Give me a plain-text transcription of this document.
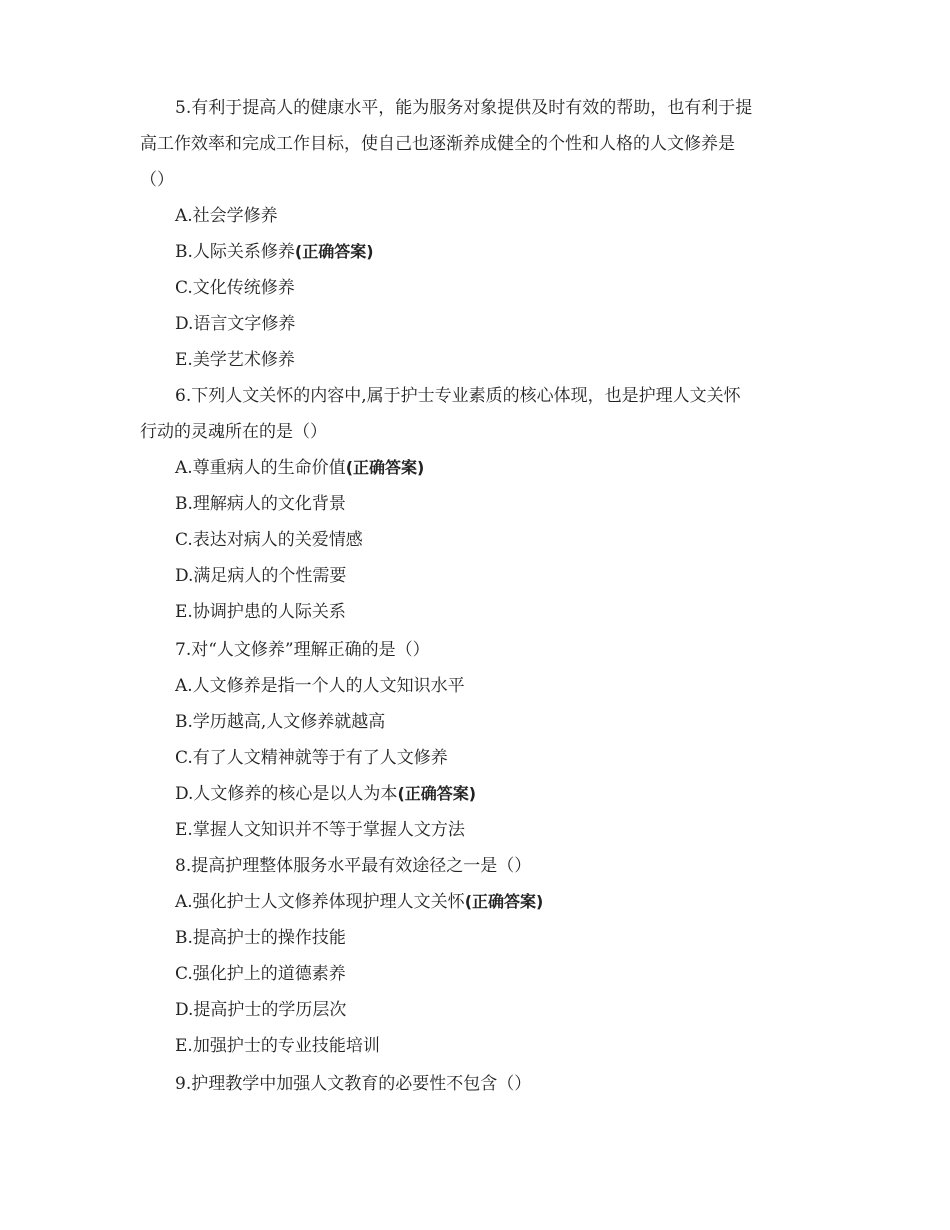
5.有利于提高人的健康水平，能为服务对象提供及时有效的帮助，也有利于提
高工作效率和完成工作目标，使自己也逐渐养成健全的个性和人格的人文修养是
（）
A.社会学修养
B.人际关系修养(正确答案)
C.文化传统修养
D.语言文字修养
E.美学艺术修养
6.下列人文关怀的内容中,属于护士专业素质的核心体现，也是护理人文关怀
行动的灵魂所在的是（）
A.尊重病人的生命价值(正确答案)
B.理解病人的文化背景
C.表达对病人的关爱情感
D.满足病人的个性需要
E.协调护患的人际关系
7.对“人文修养”理解正确的是（）
A.人文修养是指一个人的人文知识水平
B.学历越高,人文修养就越高
C.有了人文精神就等于有了人文修养
D.人文修养的核心是以人为本(正确答案)
E.掌握人文知识并不等于掌握人文方法
8.提高护理整体服务水平最有效途径之一是（）
A.强化护士人文修养体现护理人文关怀(正确答案)
B.提高护士的操作技能
C.强化护上的道德素养
D.提高护士的学历层次
E.加强护士的专业技能培训
9.护理教学中加强人文教育的必要性不包含（）
